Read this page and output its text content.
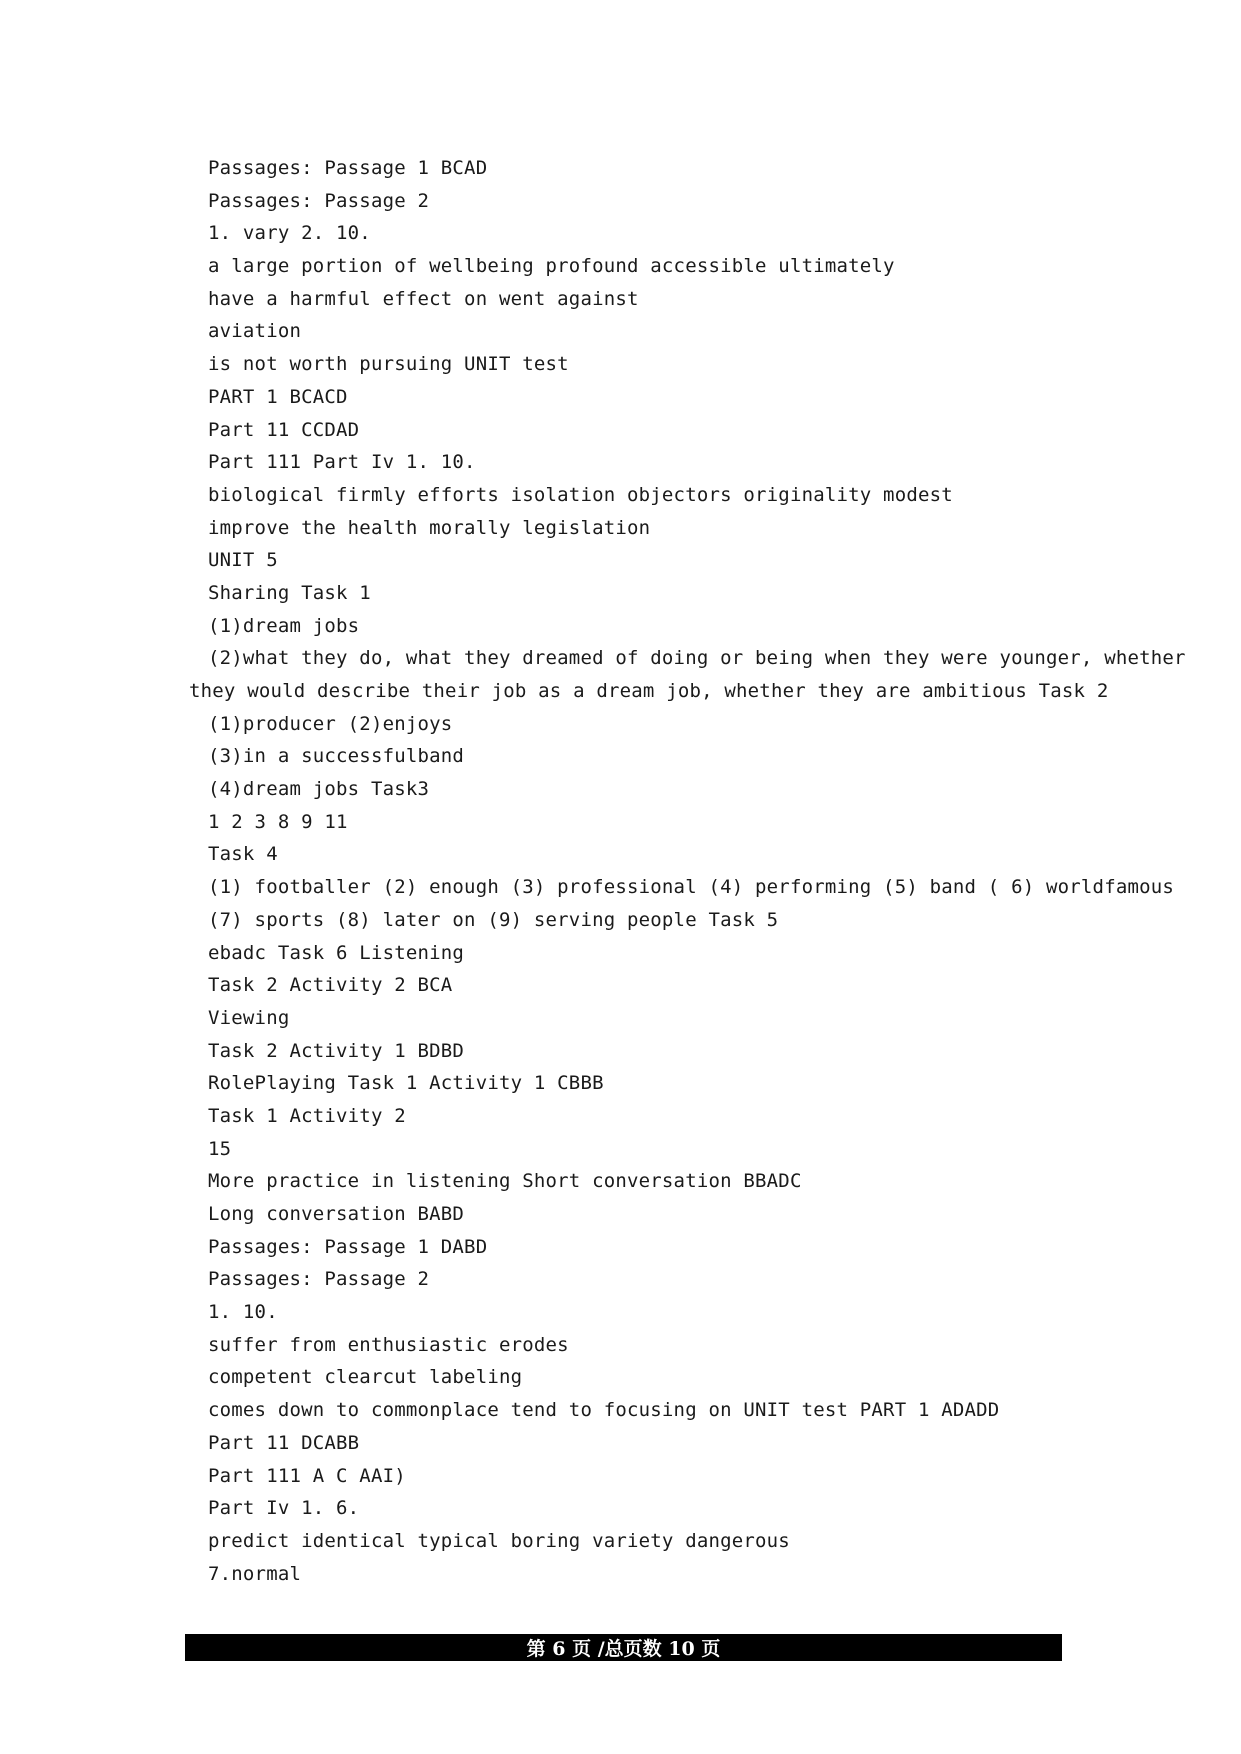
Passages: Passage 1 BCAD
Passages: Passage 2
1. vary 2. 10.
a large portion of wellbeing profound accessible ultimately
have a harmful effect on went against
aviation
is not worth pursuing UNIT test
PART 1 BCACD
Part 11 CCDAD
Part 111 Part Iv 1. 10.
biological firmly efforts isolation objectors originality modest
improve the health morally legislation
UNIT 5
Sharing Task 1
(1)dream jobs
(2)what they do, what they dreamed of doing or being when they were younger, whether
they would describe their job as a dream job, whether they are ambitious Task 2
(1)producer (2)enjoys
(3)in a successfulband
(4)dream jobs Task3
1 2 3 8 9 11
Task 4
(1) footballer (2) enough (3) professional (4) performing (5) band ( 6) worldfamous
(7) sports (8) later on (9) serving people Task 5
ebadc Task 6 Listening
Task 2 Activity 2 BCA
Viewing
Task 2 Activity 1 BDBD
RolePlaying Task 1 Activity 1 CBBB
Task 1 Activity 2
15
More practice in listening Short conversation BBADC
Long conversation BABD
Passages: Passage 1 DABD
Passages: Passage 2
1. 10.
suffer from enthusiastic erodes
competent clearcut labeling
comes down to commonplace tend to focusing on UNIT test PART 1 ADADD
Part 11 DCABB
Part 111 A C AAI)
Part Iv 1. 6.
predict identical typical boring variety dangerous
7.normal
第 6 页 /总页数 10 页
